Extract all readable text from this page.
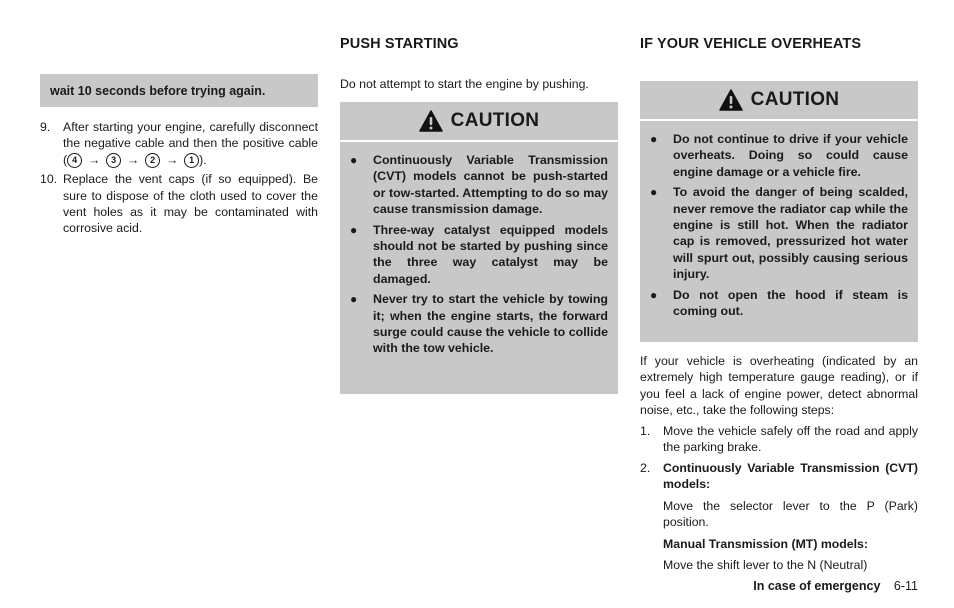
wait 10 seconds before trying again.
9. After starting your engine, carefully disconnect the negative cable and then the positive cable ( 4 → 3 → 2 → 1 ).
10. Replace the vent caps (if so equipped). Be sure to dispose of the cloth used to cover the vent holes as it may be contaminated with corrosive acid.
PUSH STARTING
Do not attempt to start the engine by pushing.
CAUTION
● Continuously Variable Transmission (CVT) models cannot be push-started or tow-started. Attempting to do so may cause transmission damage.
● Three-way catalyst equipped models should not be started by pushing since the three way catalyst may be damaged.
● Never try to start the vehicle by towing it; when the engine starts, the forward surge could cause the vehicle to collide with the tow vehicle.
IF YOUR VEHICLE OVERHEATS
CAUTION
● Do not continue to drive if your vehicle overheats. Doing so could cause engine damage or a vehicle fire.
● To avoid the danger of being scalded, never remove the radiator cap while the engine is still hot. When the radiator cap is removed, pressurized hot water will spurt out, possibly causing serious injury.
● Do not open the hood if steam is coming out.
If your vehicle is overheating (indicated by an extremely high temperature gauge reading), or if you feel a lack of engine power, detect abnormal noise, etc., take the following steps:
1. Move the vehicle safely off the road and apply the parking brake.
2. Continuously Variable Transmission (CVT) models:
Move the selector lever to the P (Park) position.
Manual Transmission (MT) models:
Move the shift lever to the N (Neutral)
In case of emergency 6-11
